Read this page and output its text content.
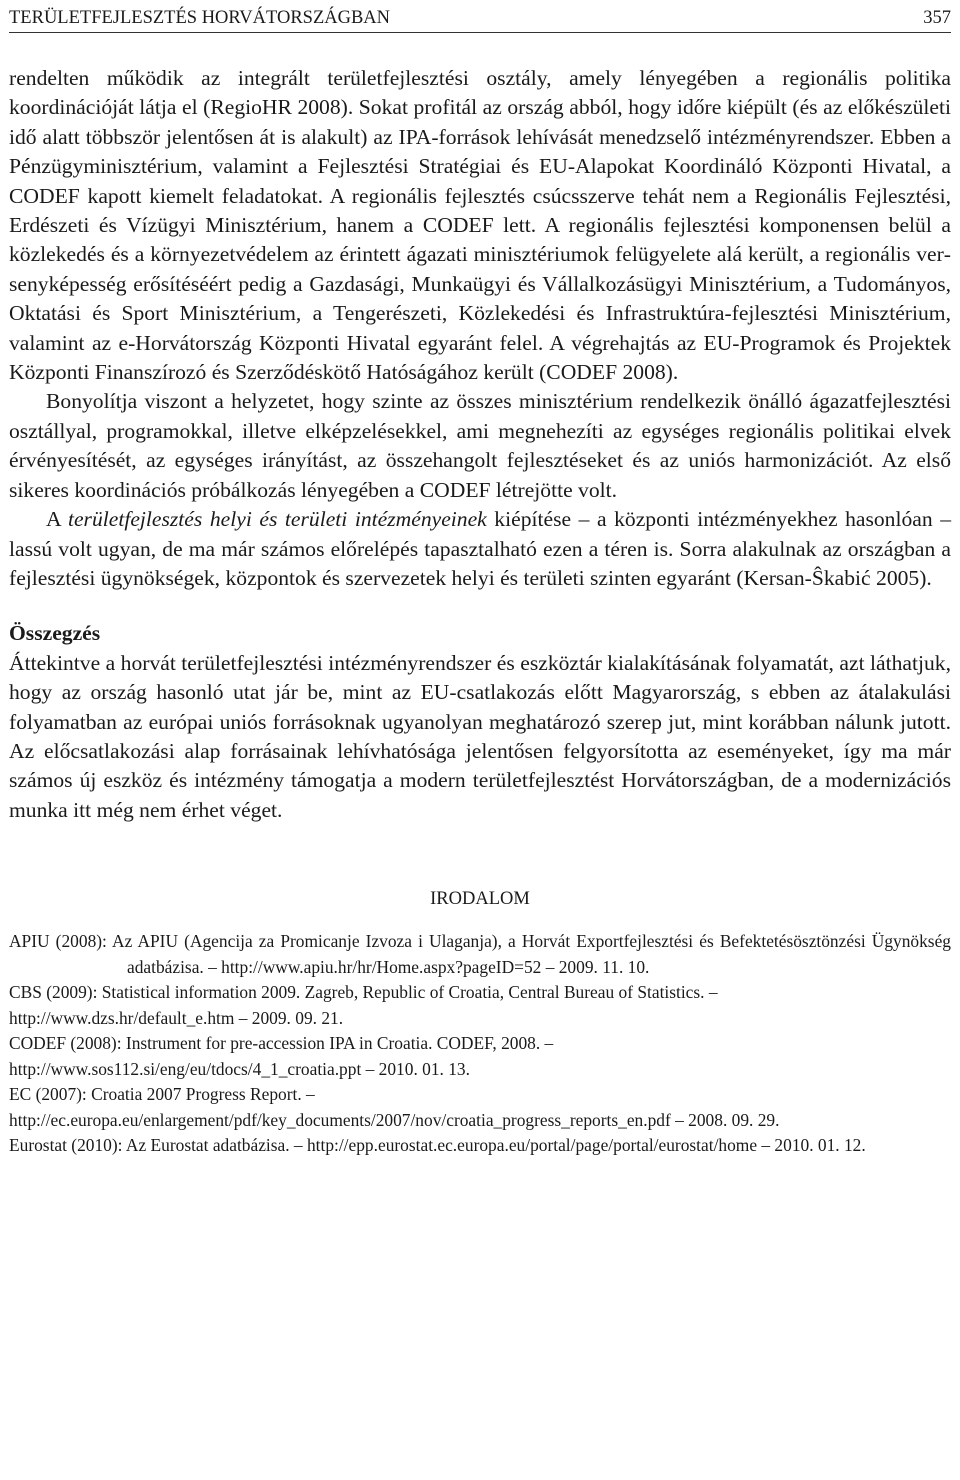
TERÜLETFEJLESZTÉS HORVÁTORSZÁGBAN	357

rendelten működik az integrált területfejlesztési osztály, amely lényegében a regionális politika koordinációját látja el (RegioHR 2008). Sokat profitál az ország abból, hogy időre kiépült (és az előkészületi idő alatt többször jelentősen át is alakult) az IPA-források lehívását menedzselő intézményrendszer. Ebben a Pénzügyminisztérium, valamint a Fejlesztési Stratégiai és EU-Alapokat Koordináló Központi Hivatal, a CODEF kapott kiemelt feladatokat. A regionális fejlesztés csúcsszerve tehát nem a Regionális Fejlesztési, Erdészeti és Vízügyi Minisztérium, hanem a CODEF lett. A regionális fejlesztési komponensen belül a közlekedés és a környezetvédelem az érintett ágazati minisztériumok felügyelete alá került, a regionális versenyképesség erősítéséért pedig a Gazdasági, Munkaügyi és Vállalkozásügyi Minisztérium, a Tudományos, Oktatási és Sport Minisztérium, a Tengerészeti, Közlekedési és Infrastruktúra-fejlesztési Minisztérium, valamint az e-Horvátország Központi Hivatal egyaránt felel. A végrehajtás az EU-Programok és Projektek Központi Finanszírozó és Szerződéskötő Hatóságához került (CODEF 2008).

Bonyolítja viszont a helyzetet, hogy szinte az összes minisztérium rendelkezik önálló ágazatfejlesztési osztállyal, programokkal, illetve elképzelésekkel, ami megnehezíti az egységes regionális politikai elvek érvényesítését, az egységes irányítást, az összehangolt fejlesztéseket és az uniós harmonizációt. Az első sikeres koordinációs próbálkozás lényegében a CODEF létrejötte volt.

A területfejlesztés helyi és területi intézményeinek kiépítése – a központi intézményekhez hasonlóan – lassú volt ugyan, de ma már számos előrelépés tapasztalható ezen a téren is. Sorra alakulnak az országban a fejlesztési ügynökségek, központok és szervezetek helyi és területi szinten egyaránt (Kersan-Ŝkabić 2005).

Összegzés

Áttekintve a horvát területfejlesztési intézményrendszer és eszköztár kialakításának folyamatát, azt láthatjuk, hogy az ország hasonló utat jár be, mint az EU-csatlakozás előtt Magyarország, s ebben az átalakulási folyamatban az európai uniós forrásoknak ugyanolyan meghatározó szerep jut, mint korábban nálunk jutott. Az előcsatlakozási alap forrásainak lehívhatósága jelentősen felgyorsította az eseményeket, így ma már számos új eszköz és intézmény támogatja a modern területfejlesztést Horvátországban, de a modernizációs munka itt még nem érhet véget.

IRODALOM

APIU (2008): Az APIU (Agencija za Promicanje Izvoza i Ulaganja), a Horvát Exportfejlesztési és Befektetésösztönzési Ügynökség adatbázisa. – http://www.apiu.hr/hr/Home.aspx?pageID=52 – 2009. 11. 10.

CBS (2009): Statistical information 2009. Zagreb, Republic of Croatia, Central Bureau of Statistics. –
http://www.dzs.hr/default_e.htm – 2009. 09. 21.

CODEF (2008): Instrument for pre-accession IPA in Croatia. CODEF, 2008. –
http://www.sos112.si/eng/eu/tdocs/4_1_croatia.ppt – 2010. 01. 13.

EC (2007): Croatia 2007 Progress Report. –
http://ec.europa.eu/enlargement/pdf/key_documents/2007/nov/croatia_progress_reports_en.pdf – 2008. 09. 29.

Eurostat (2010): Az Eurostat adatbázisa. – http://epp.eurostat.ec.europa.eu/portal/page/portal/eurostat/home – 2010. 01. 12.
